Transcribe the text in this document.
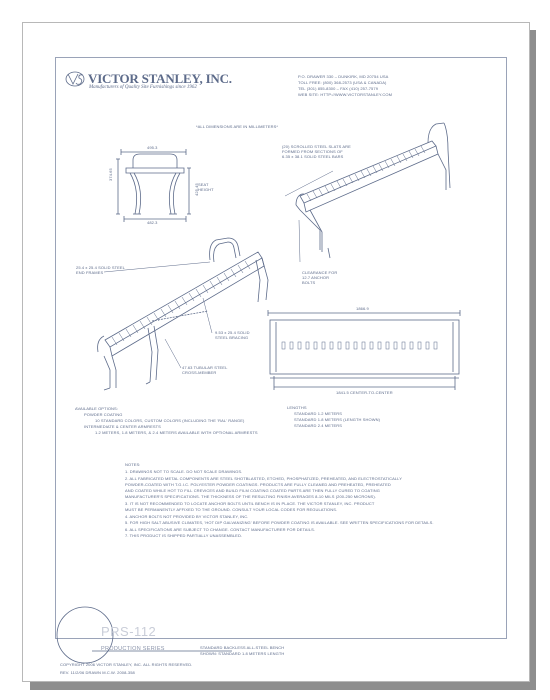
VICTOR STANLEY, INC.
Manufacturers of Quality Site Furnishings since 1962
P.O. DRAWER 330 – DUNKIRK, MD 20754 USA
TOLL FREE: (800) 368-2573 (USA & CANADA)
TEL (301) 855-8300 – FAX (410) 257-7579
WEB SITE: HTTP://WWW.VICTORSTANLEY.COM
*ALL DIMENSIONS ARE IN MILLIMETERS*
495.3
482.3
374.65
425.45 SEAT
HEIGHT
(20) SCROLLED STEEL SLATS ARE
FORMED FROM SECTIONS OF
6.35 x 38.1 SOLID STEEL BARS
CLEARANCE FOR
12.7 ANCHOR
BOLTS
25.4 x 25.4 SOLID STEEL
END FRAMES
9.53 x 25.4 SOLID
STEEL BRACING
47.63 TUBULAR STEEL
CROSS-MEMBER
1866.9
1841.5 CENTER-TO-CENTER
AVAILABLE OPTIONS:
POWDER COATING
10 STANDARD COLORS, CUSTOM COLORS (INCLUDING THE 'RAL' RANGE)
INTERMEDIATE & CENTER ARMRESTS
1.2 METERS, 1.8 METERS, & 2.4 METERS AVAILABLE WITH OPTIONAL ARMRESTS
LENGTHS
STANDARD 1.2 METERS
STANDARD 1.8 METERS (LENGTH SHOWN)
STANDARD 2.4 METERS
NOTES:
1. DRAWINGS NOT TO SCALE. DO NOT SCALE DRAWINGS.
2. ALL FABRICATED METAL COMPONENTS ARE STEEL SHOTBLASTED, ETCHED, PHOSPHATIZED, PREHEATED, AND ELECTROSTATICALLY
POWDER-COATED WITH T.G.I.C. POLYESTER POWDER COATINGS. PRODUCTS ARE FULLY CLEANED AND PREHEATED, PREHEATED
AND COATED WHILE HOT TO FILL CREVICES AND BUILD FILM COATING COATED PARTS ARE THEN FULLY CURED TO COATING
MANUFACTURER'S SPECIFICATIONS. THE THICKNESS OF THE RESULTING FINISH AVERAGES 8-10 MILS (200-250 MICRONS).
3. IT IS NOT RECOMMENDED TO LOCATE ANCHOR BOLTS UNTIL BENCH IS IN PLACE. THE VICTOR STANLEY, INC. PRODUCT
MUST BE PERMANENTLY AFFIXED TO THE GROUND. CONSULT YOUR LOCAL CODES FOR REGULATIONS.
4. ANCHOR BOLTS NOT PROVIDED BY VICTOR STANLEY, INC.
5. FOR HIGH SALT ABUSIVE CLIMATES, 'HOT DIP GALVANIZING' BEFORE POWDER COATING IS AVAILABLE. SEE WRITTEN SPECIFICATIONS FOR DETAILS.
6. ALL SPECIFICATIONS ARE SUBJECT TO CHANGE. CONTACT MANUFACTURER FOR DETAILS.
7. THIS PRODUCT IS SHIPPED PARTIALLY UNASSEMBLED.
PRS-112
PRODUCTION SERIES	STANDARD BACKLESS ALL-STEEL BENCH
SHOWN: STANDARD 1.8 METERS LENGTH
COPYRIGHT 2006 VICTOR STANLEY, INC. ALL RIGHTS RESERVED.
REV. 11/2/06 DRAWN M.C.W. 2008-358
